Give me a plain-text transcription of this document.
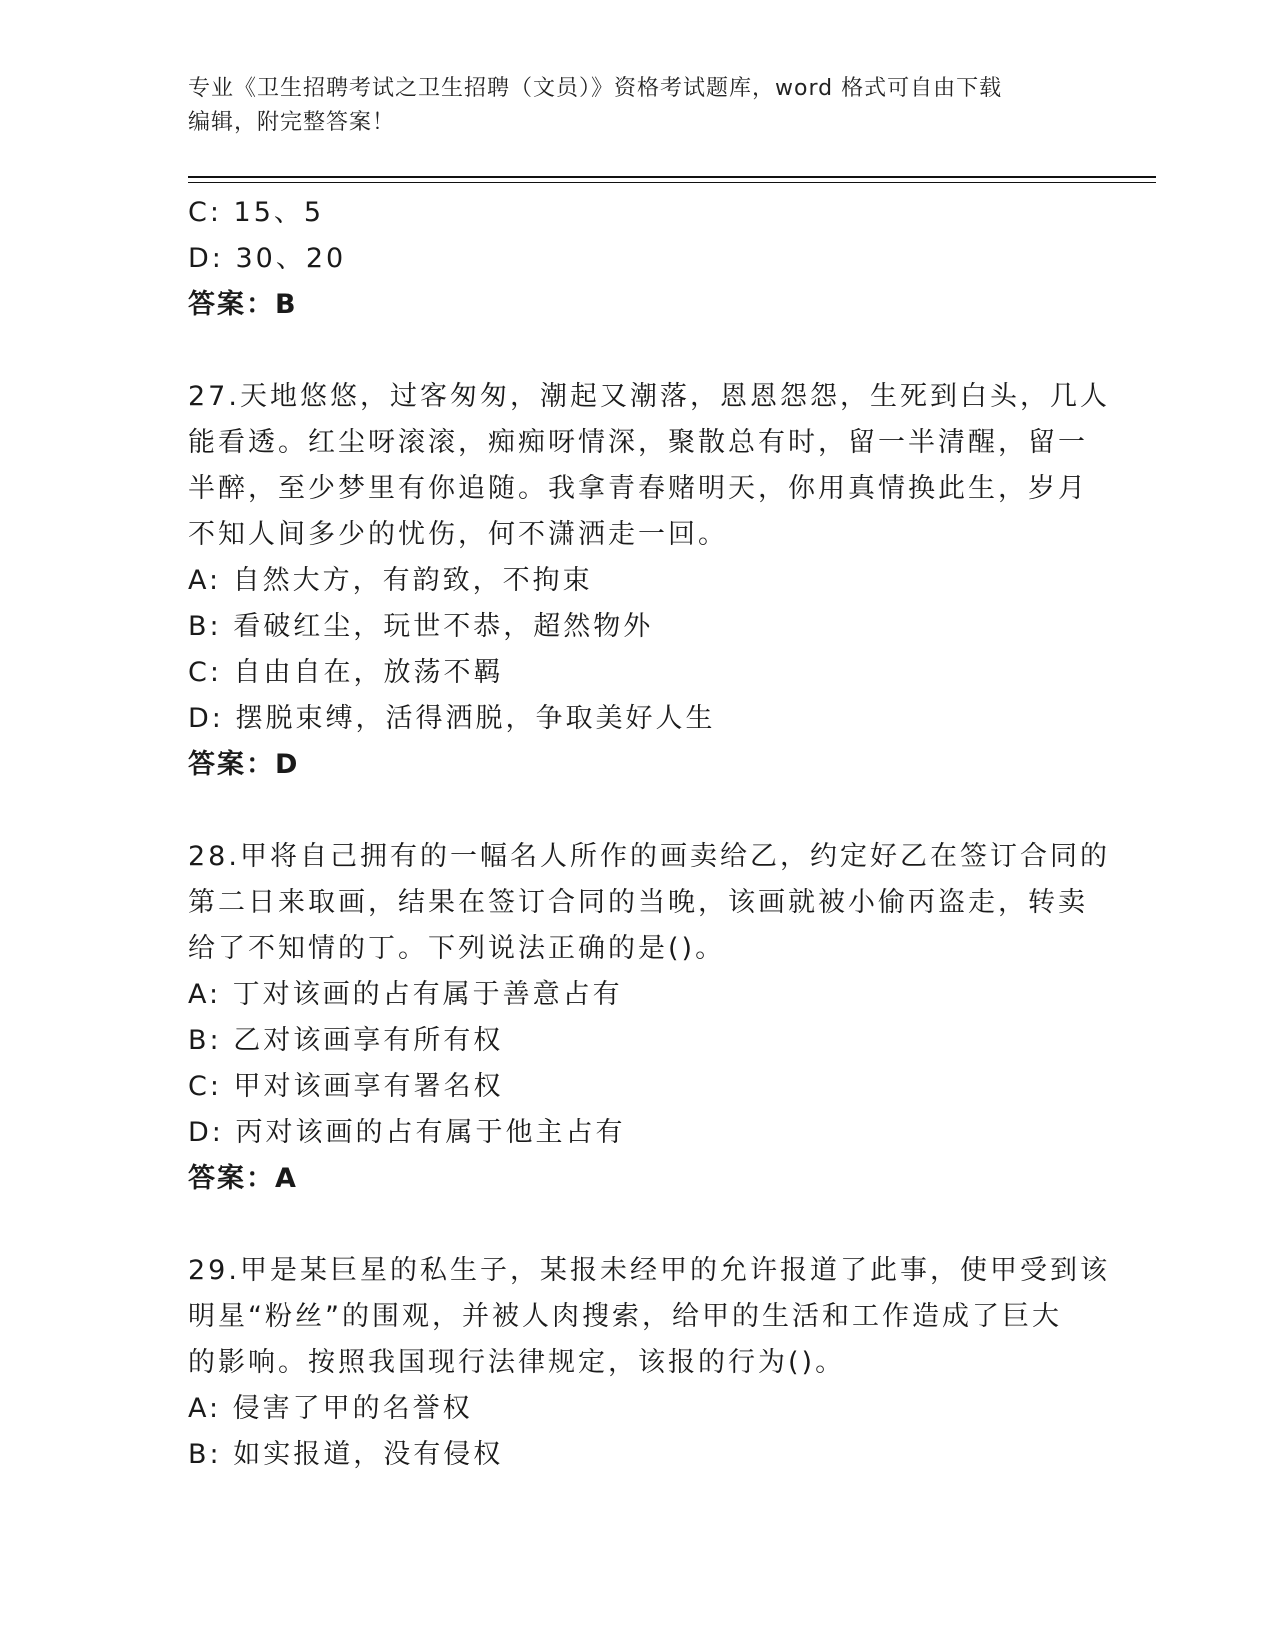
专业《卫生招聘考试之卫生招聘（文员）》资格考试题库，word 格式可自由下载
编辑，附完整答案！
C: 15、5
D: 30、20
答案：B
27.天地悠悠，过客匆匆，潮起又潮落，恩恩怨怨，生死到白头，几人
能看透。红尘呀滚滚，痴痴呀情深，聚散总有时，留一半清醒，留一
半醉，至少梦里有你追随。我拿青春赌明天，你用真情换此生，岁月
不知人间多少的忧伤，何不潇洒走一回。
A: 自然大方，有韵致，不拘束
B: 看破红尘，玩世不恭，超然物外
C: 自由自在，放荡不羁
D: 摆脱束缚，活得洒脱，争取美好人生
答案：D
28.甲将自己拥有的一幅名人所作的画卖给乙，约定好乙在签订合同的
第二日来取画，结果在签订合同的当晚，该画就被小偷丙盗走，转卖
给了不知情的丁。下列说法正确的是()。
A: 丁对该画的占有属于善意占有
B: 乙对该画享有所有权
C: 甲对该画享有署名权
D: 丙对该画的占有属于他主占有
答案：A
29.甲是某巨星的私生子，某报未经甲的允许报道了此事，使甲受到该
明星“粉丝”的围观，并被人肉搜索，给甲的生活和工作造成了巨大
的影响。按照我国现行法律规定，该报的行为()。
A: 侵害了甲的名誉权
B: 如实报道，没有侵权
